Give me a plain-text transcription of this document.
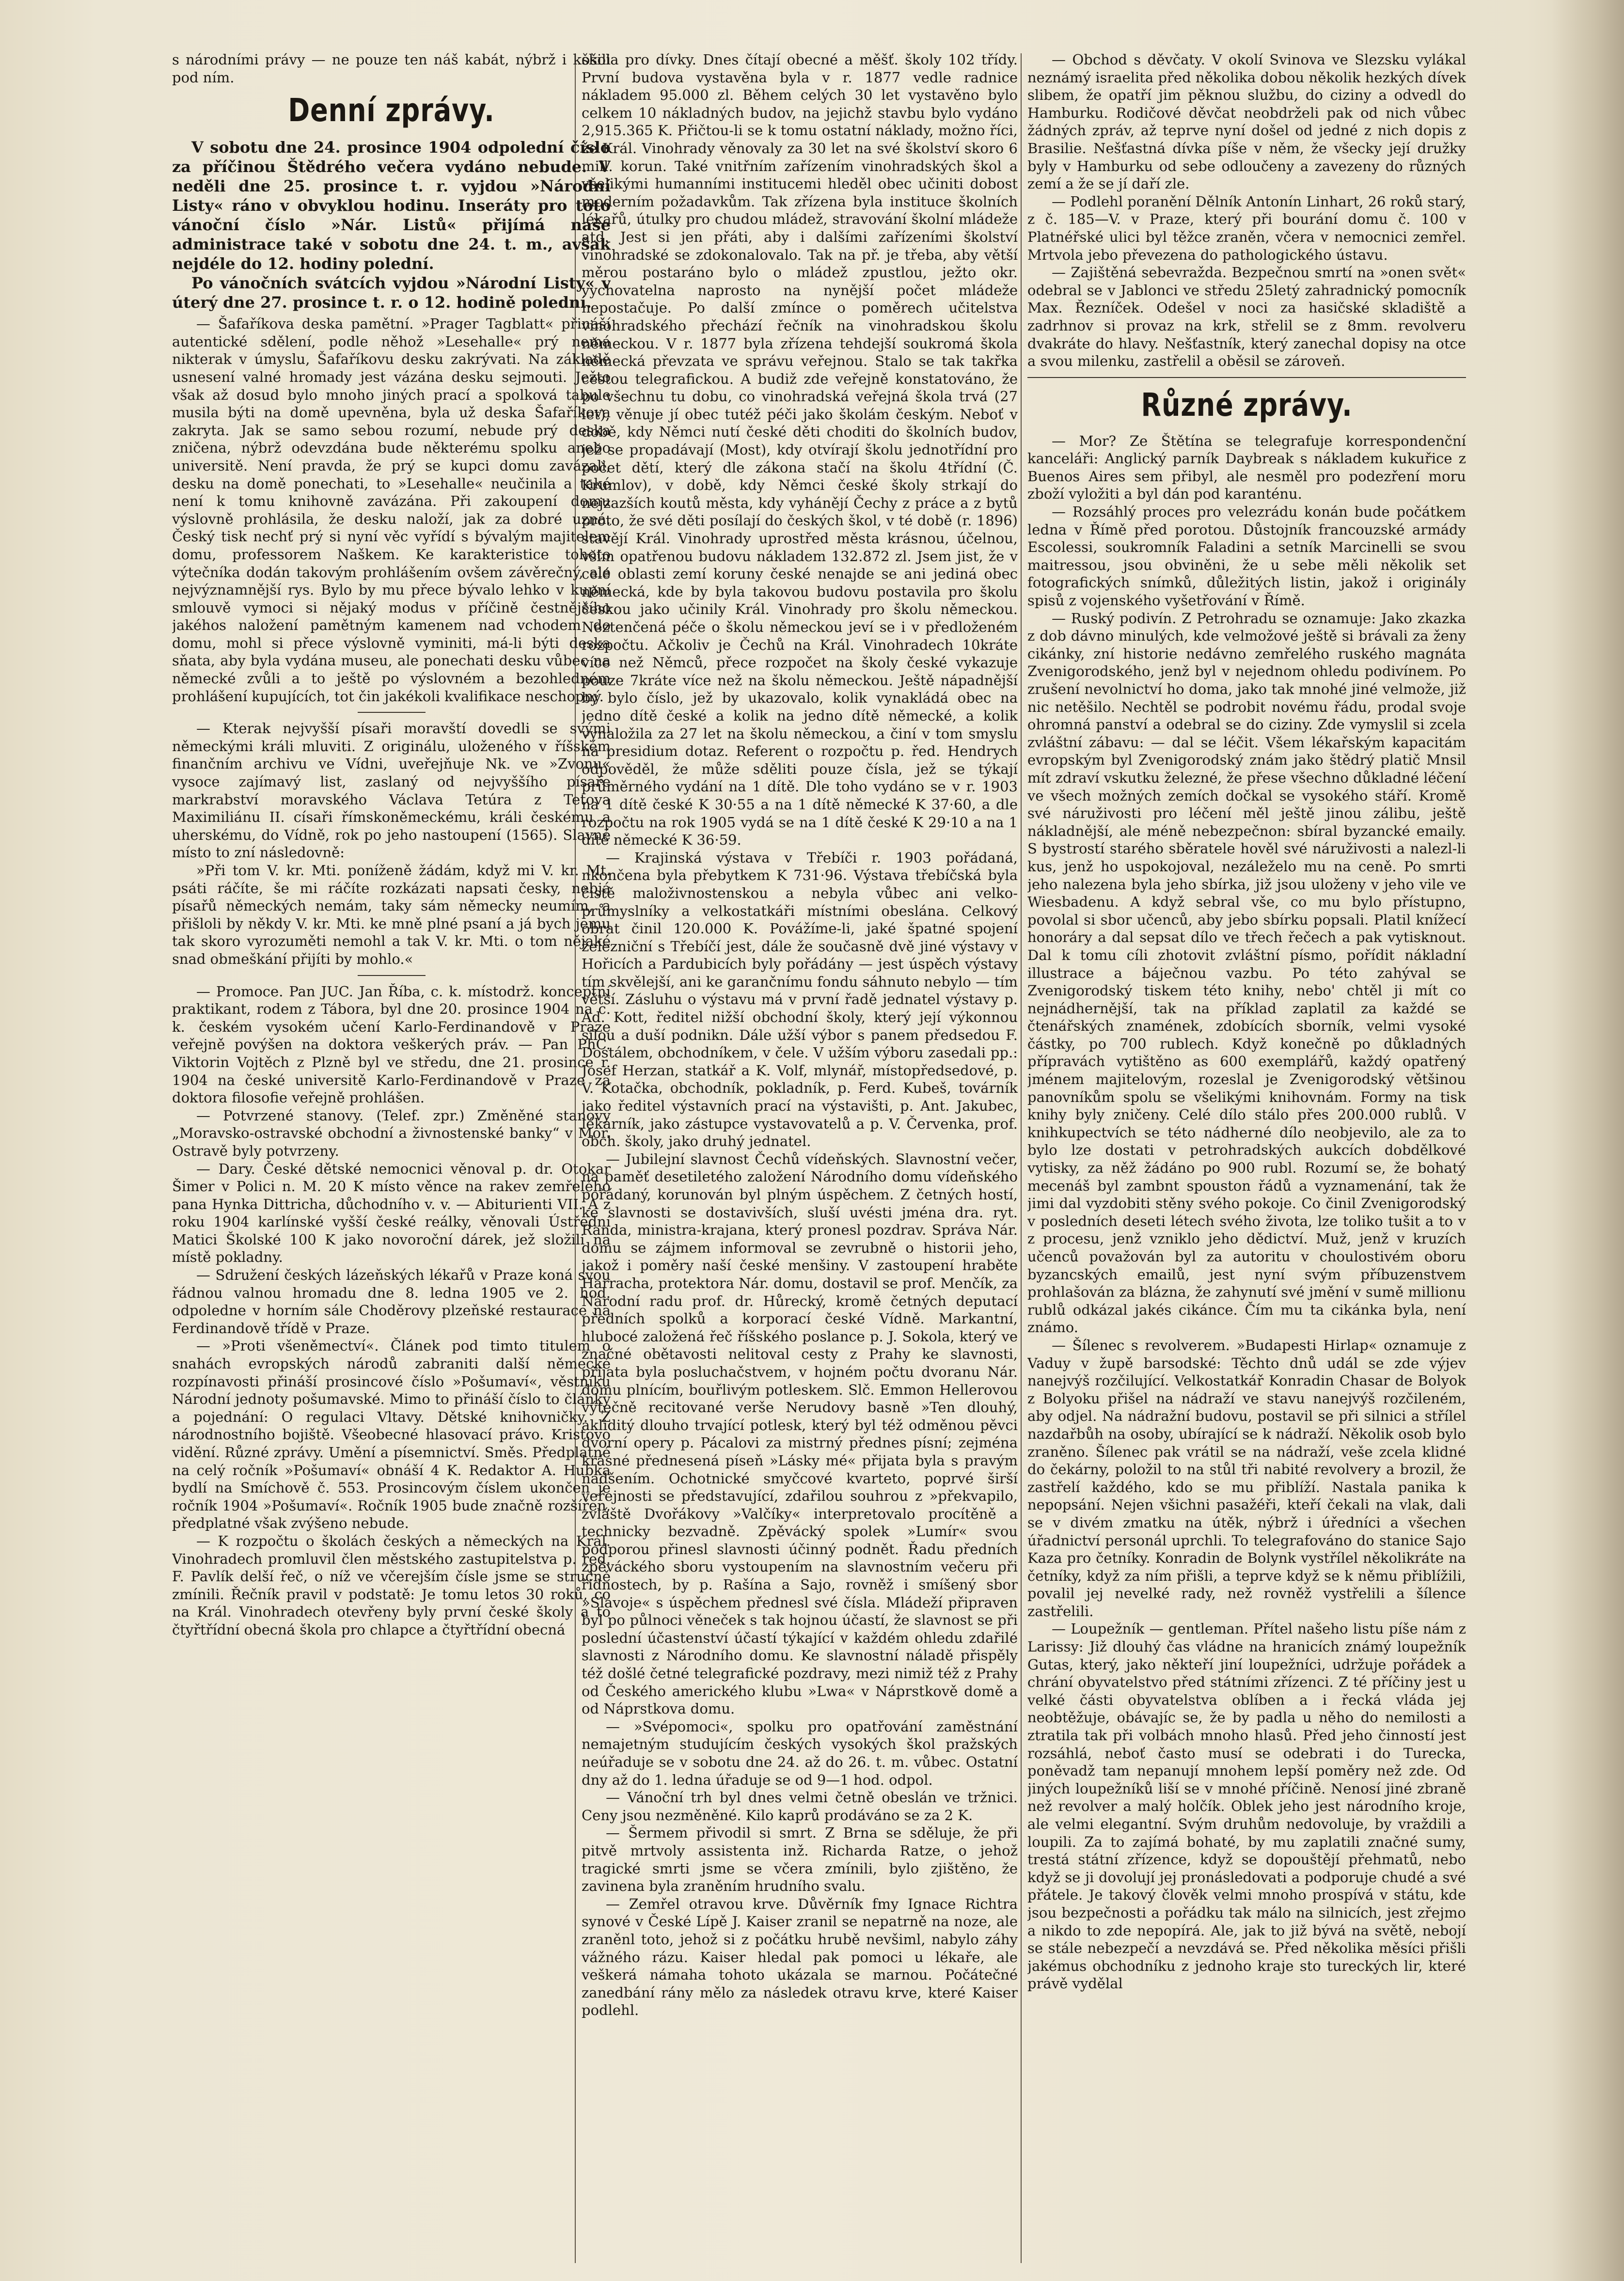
s národními právy — ne pouze ten náš kabát, nýbrž i košili pod ním.

Denní zprávy.

V sobotu dne 24. prosince 1904 odpolední číslo za příčinou Štědrého večera vydáno nebude. V neděli dne 25. prosince t. r. vyjdou »Národní Listy« ráno v obvyklou hodinu. Inseráty pro toto vánoční číslo »Nár. Listů« přijímá naše administrace také v sobotu dne 24. t. m., avšak nejdéle do 12. hodiny polední.

Po vánočních svátcích vyjdou »Národní Listy« v úterý dne 27. prosince t. r. o 12. hodině polední.

— Šafaříkova deska pamětní. »Prager Tagblatt« přináší autentické sdělení, podle něhož »Lesehalle« prý nemá nikterak v úmyslu, Šafaříkovu desku zakrývati. Na základě usnesení valné hromady jest vázána desku sejmouti. Ježto však až dosud bylo mnoho jiných prací a spolková tabule musila býti na domě upevněna, byla už deska Šafaříkova zakryta. Jak se samo sebou rozumí, nebude prý deska zničena, nýbrž odevzdána bude některému spolku anebo universitě. Není pravda, že prý se kupci domu zavázali, desku na domě ponechati, to »Lesehalle« neučinila a také není k tomu knihovně zavázána. Při zakoupení domu výslovně prohlásila, že desku naloží, jak za dobré uzná. Český tisk nechť prý si nyní věc vyřídí s bývalým majitelem domu, professorem Naškem. Ke karakteristice tohoto výtečníka dodán takovým prohlášením ovšem závěrečný, ale nejvýznamnější rys. Bylo by mu přece bývalo lehko v kupní smlouvě vymoci si nějaký modus v příčině čestnějšího jakéhos naložení pamětným kamenem nad vchodem do domu, mohl si přece výslovně vyminiti, má-li býti deska sňata, aby byla vydána museu, ale ponechati desku vůbec na německé zvůli a to ještě po výslovném a bezohledném prohlášení kupujících, tot čin jakékoli kvalifikace neschopný.

— Kterak nejvyšší písaři moravští dovedli se svými německými králi mluviti. Z originálu, uloženého v říšském finančním archivu ve Vídni, uveřejňuje Nk. ve »Zvonu« vysoce zajímavý list, zaslaný od nejvyššího písaře markrabství moravského Václava Tetúra z Tetova Maximiliánu II. císaři římskoněmeckému, králi českému a uherskému, do Vídně, rok po jeho nastoupení (1565). Slavné místo to zní následovně:

»Při tom V. kr. Mti. poníženě žádám, když mi V. kr. Mt. psáti ráčíte, še mi ráčíte rozkázati napsati česky, nebjá písařů německých nemám, taky sám německy neumím, a přišloli by někdy V. kr. Mti. ke mně plné psaní a já bych jemu tak skoro vyrozuměti nemohl a tak V. kr. Mti. o tom nějaké snad obmeškání přijíti by mohlo.«

— Promoce. Pan JUC. Jan Říba, c. k. místodrž. konceptní praktikant, rodem z Tábora, byl dne 20. prosince 1904 na c. k. českém vysokém učení Karlo-Ferdinandově v Praze veřejně povýšen na doktora veškerých práv. — Pan PhC. Viktorin Vojtěch z Plzně byl ve středu, dne 21. prosince r. 1904 na české universitě Karlo-Ferdinandově v Praze za doktora filosofie veřejně prohlášen.

— Potvrzené stanovy. (Telef. zpr.) Změněné stanovy „Moravsko-ostravské obchodní a živnostenské banky“ v Mor. Ostravě byly potvrzeny.

— Dary. České dětské nemocnici věnoval p. dr. Otokar Šimer v Polici n. M. 20 K místo věnce na rakev zemřelého pana Hynka Dittricha, důchodního v. v. — Abiturienti VII. A z roku 1904 karlínské vyšší české reálky, věnovali Ústřední Matici Školské 100 K jako novoroční dárek, jež složili na místě pokladny.

— Sdružení českých lázeňských lékařů v Praze koná svou řádnou valnou hromadu dne 8. ledna 1905 ve 2. hod. odpoledne v horním sále Choděrovy plzeňské restaurace na Ferdinandově třídě v Praze.

— »Proti všeněmectví«. Článek pod timto titulem o snahách evropských národů zabraniti další německé rozpínavosti přináší prosincové číslo »Pošumaví«, věstníku Národní jednoty pošumavské. Mimo to přináší číslo to články a pojednání: O regulaci Vltavy. Dětské knihovničky. Z národnostního bojiště. Všeobecné hlasovací právo. Kristovo vidění. Různé zprávy. Umění a písemnictví. Směs. Předplatné na celý ročník »Pošumaví« obnáší 4 K. Redaktor A. Hubka bydlí na Smíchově č. 553. Prosincovým číslem ukončen je ročník 1904 »Pošumaví«. Ročník 1905 bude značně rozšířen, předplatné však zvýšeno nebude.

— K rozpočtu o školách českých a německých na Král. Vinohradech promluvil člen městského zastupitelstva p. řed. F. Pavlík delší řeč, o níž ve včerejším čísle jsme se stručně zmínili. Řečník pravil v podstatě: Je tomu letos 30 roků, co na Král. Vinohradech otevřeny byly první české školy a to čtyřtřídní obecná škola pro chlapce a čtyřtřídní obecná

škola pro dívky. Dnes čítají obecné a měšť. školy 102 třídy. První budova vystavěna byla v r. 1877 vedle radnice nákladem 95.000 zl. Během celých 30 let vystavěno bylo celkem 10 nákladných budov, na jejichž stavbu bylo vydáno 2,915.365 K. Přičtou-li se k tomu ostatní náklady, možno říci, že Král. Vinohrady věnovaly za 30 let na své školství skoro 6 mill. korun. Také vnitřním zařízením vinohradských škol a všelikými humanními institucemi hleděl obec učiniti dobost moderním požadavkům. Tak zřízena byla instituce školních lékařů, útulky pro chudou mládež, stravování školní mládeže atd. Jest si jen přáti, aby i dalšími zařízeními školství vinohradské se zdokonalovalo. Tak na př. je třeba, aby větší měrou postaráno bylo o mládež zpustlou, ježto okr. vychovatelna naprosto na nynější počet mládeže nepostačuje. Po další zmínce o poměrech učitelstva vinohradského přechází řečník na vinohradskou školu německou. V r. 1877 byla zřízena tehdejší soukromá škola německá převzata ve správu veřejnou. Stalo se tak takřka cestou telegrafickou. A budiž zde veřejně konstatováno, že po všechnu tu dobu, co vinohradská veřejná škola trvá (27 let), věnuje jí obec tutéž péči jako školám českým. Neboť v době, kdy Němci nutí české děti choditi do školních budov, jež se propadávají (Most), kdy otvírají školu jednotřídní pro počet dětí, který dle zákona stačí na školu 4třídní (Č. Krumlov), v době, kdy Němci české školy strkají do nejzazších koutů města, kdy vyhánějí Čechy z práce a z bytů proto, že své děti posílají do českých škol, v té době (r. 1896) stavějí Král. Vinohrady uprostřed města krásnou, účelnou, vším opatřenou budovu nákladem 132.872 zl. Jsem jist, že v celé oblasti zemí koruny české nenajde se ani jediná obec německá, kde by byla takovou budovu postavila pro školu českou jako učinily Král. Vinohrady pro školu německou. Neztenčená péče o školu německou jeví se i v předloženém rozpočtu. Ačkoliv je Čechů na Král. Vinohradech 10kráte více než Němců, přece rozpočet na školy české vykazuje pouze 7kráte více než na školu německou. Ještě nápadnější by bylo číslo, jež by ukazovalo, kolik vynakládá obec na jedno dítě české a kolik na jedno dítě německé, a kolik vynaložila za 27 let na školu německou, a činí v tom smyslu na presidium dotaz. Referent o rozpočtu p. řed. Hendrych odpověděl, že může sděliti pouze čísla, jež se týkají průměrného vydání na 1 dítě. Dle toho vydáno se v r. 1903 na 1 dítě české K 30·55 a na 1 dítě německé K 37·60, a dle rozpočtu na rok 1905 vydá se na 1 dítě české K 29·10 a na 1 dítě německé K 36·59.

— Krajinská výstava v Třebíči r. 1903 pořádaná, nkončena byla přebytkem K 731·96. Výstava třebíčská byla čistě maloživnostenskou a nebyla vůbec ani velko-průmyslníky a velkostatkáři místními obeslána. Celkový obrat činil 120.000 K. Povážíme-li, jaké špatné spojení železniční s Třebíčí jest, dále že současně dvě jiné výstavy v Hořicích a Pardubicích byly pořádány — jest úspěch výstavy tím skvělejší, ani ke garančnímu fondu sáhnuto nebylo — tím větší. Zásluhu o výstavu má v první řadě jednatel výstavy p. Ad. Kott, ředitel nižší obchodní školy, který její výkonnou silou a duší podnikn. Dále užší výbor s panem předsedou F. Dostálem, obchodníkem, v čele. V užším výboru zasedali pp.: Josef Herzan, statkář a K. Volf, mlynář, místopředsedové, p. V. Kotačka, obchodník, pokladník, p. Ferd. Kubeš, továrník jako ředitel výstavních prací na výstavišti, p. Ant. Jakubec, lékárník, jako zástupce vystavovatelů a p. V. Červenka, prof. obch. školy, jako druhý jednatel.

— Jubilejní slavnost Čechů vídeňských. Slavnostní večer, na paměť desetiletého založení Národního domu vídeňského pořádaný, korunován byl plným úspěchem. Z četných hostí, ke slavnosti se dostavivších, sluší uvésti jména dra. ryt. Randa, ministra-krajana, který pronesl pozdrav. Správa Nár. domu se zájmem informoval se zevrubně o historii jeho, jakož i poměry naší české menšiny. V zastoupení hraběte Harracha, protektora Nár. domu, dostavil se prof. Menčík, za Národní radu prof. dr. Hůrecký, kromě četných deputací předních spolků a korporací české Vídně. Markantní, hlubocé založená řeč říšského poslance p. J. Sokola, který ve značné obětavosti nelitoval cesty z Prahy ke slavnosti, přijata byla posluchačstvem, v hojném počtu dvoranu Nár. domu plnícím, bouřlivým potleskem. Slč. Emmon Hellerovou výtečně recitované verše Nerudovy basně »Ten dlouhý, akliditý dlouho trvající potlesk, který byl též odměnou pěvci dvorní opery p. Pácalovi za mistrný přednes písní; zejména krásné přednesená píseň »Lásky mé« přijata byla s pravým nadšením. Ochotnické smyčcové kvarteto, poprvé širší veřejnosti se představující, zdařilou souhrou z »překvapilo, zvláště Dvořákovy »Valčíky« interpretovalo procítěně a technicky bezvadně. Zpěvácký spolek »Lumír« svou podporou přinesl slavnosti účinný podnět. Řadu předních zpěváckého sboru vystoupením na slavnostním večeru při řidnostech, by p. Rašína a Sajo, rovněž i smíšený sbor »Slavoje« s úspěchem přednesl své čísla. Mládeží připraven byl po půlnoci věneček s tak hojnou účastí, že slavnost se při poslední účastenství účastí týkající v každém ohledu zdařilé slavnosti z Národního domu. Ke slavnostní náladě přispěly též došlé četné telegrafické pozdravy, mezi nimiž též z Prahy od Českého amerického klubu »Lwa« v Náprstkově domě a od Náprstkova domu.

— »Svépomoci«, spolku pro opatřování zaměstnání nemajetným studujícím českých vysokých škol pražských neúřaduje se v sobotu dne 24. až do 26. t. m. vůbec. Ostatní dny až do 1. ledna úřaduje se od 9—1 hod. odpol.

— Vánoční trh byl dnes velmi četně obeslán ve tržnici. Ceny jsou nezměněné. Kilo kaprů prodáváno se za 2 K.

— Šermem přivodil si smrt. Z Brna se sděluje, že při pitvě mrtvoly assistenta inž. Richarda Ratze, o jehož tragické smrti jsme se včera zmínili, bylo zjištěno, že zavinena byla zraněním hrudního svalu.

— Zemřel otravou krve. Důvěrník fmy Ignace Richtra synové v České Lípě J. Kaiser zranil se nepatrně na noze, ale zraněnl toto, jehož si z počátku hrubě nevšiml, nabylo záhy vážného rázu. Kaiser hledal pak pomoci u lékaře, ale veškerá námaha tohoto ukázala se marnou. Počátečné zanedbání rány mělo za následek otravu krve, které Kaiser podlehl.

— Obchod s děvčaty. V okolí Svinova ve Slezsku vylákal neznámý israelita před několika dobou několik hezkých dívek slibem, že opatří jim pěknou službu, do ciziny a odvedl do Hamburku. Rodičové děvčat neobdrželi pak od nich vůbec žádných zpráv, až teprve nyní došel od jedné z nich dopis z Brasilie. Nešťastná dívka píše v něm, že všecky její družky byly v Hamburku od sebe odloučeny a zavezeny do různých zemí a že se jí daří zle.

— Podlehl poranění Dělník Antonín Linhart, 26 roků starý, z č. 185—V. v Praze, který při bourání domu č. 100 v Platnéřské ulici byl těžce zraněn, včera v nemocnici zemřel. Mrtvola jebo převezena do pathologického ústavu.

— Zajištěná sebevražda. Bezpečnou smrtí na »onen svět« odebral se v Jablonci ve středu 25letý zahradnický pomocník Max. Řezníček. Odešel v noci za hasičské skladiště a zadrhnov si provaz na krk, střelil se z 8mm. revolveru dvakráte do hlavy. Nešťastník, který zanechal dopisy na otce a svou milenku, zastřelil a oběsil se zároveň.

Různé zprávy.

— Mor? Ze Štětína se telegrafuje korrespondenční kanceláři: Anglický parník Daybreak s nákladem kukuřice z Buenos Aires sem přibyl, ale nesměl pro podezření moru zboží vyložiti a byl dán pod karanténu.

— Rozsáhlý proces pro velezrádu konán bude počátkem ledna v Římě před porotou. Důstojník francouzské armády Escolessi, soukromník Faladini a setník Marcinelli se svou maitressou, jsou obviněni, že u sebe měli několik set fotografických snímků, důležitých listin, jakož i originály spisů z vojenského vyšetřování v Římě.

— Ruský podivín. Z Petrohradu se oznamuje: Jako zkazka z dob dávno minulých, kde velmožové ještě si brávali za ženy cikánky, zní historie nedávno zemřelého ruského magnáta Zvenigorodského, jenž byl v nejednom ohledu podivínem. Po zrušení nevolnictví ho doma, jako tak mnohé jiné velmože, již nic netěšilo. Nechtěl se podrobit novému řádu, prodal svoje ohromná panství a odebral se do ciziny. Zde vymyslil si zcela zvláštní zábavu: — dal se léčit. Všem lékařským kapacitám evropským byl Zvenigorodský znám jako štědrý platič Mnsil mít zdraví vskutku železné, že přese všechno důkladné léčení ve všech možných zemích dočkal se vysokého stáří. Kromě své náruživosti pro léčení měl ještě jinou zálibu, ještě nákladnější, ale méně nebezpečnon: sbíral byzancké emaily. S bystrostí starého sběratele hověl své náruživosti a nalezl-li kus, jenž ho uspokojoval, nezáleželo mu na ceně. Po smrti jeho nalezena byla jeho sbírka, již jsou uloženy v jeho vile ve Wiesbadenu. A když sebral vše, co mu bylo přístupno, povolal si sbor učenců, aby jebo sbírku popsali. Platil knížecí honoráry a dal sepsat dílo ve třech řečech a pak vytisknout. Dal k tomu cíli zhotovit zvláštní písmo, pořídit nákladní illustrace a báječnou vazbu. Po této zahýval se Zvenigorodský tiskem této knihy, nebo' chtěl ji mít co nejnádhernější, tak na příklad zaplatil za každé se čtenářských znamének, zdobících sborník, velmi vysoké částky, po 700 rublech. Když konečně po důkladných přípravách vytištěno as 600 exemplářů, každý opatřený jménem majitelovým, rozeslal je Zvenigorodský většinou panovníkům spolu se všelikými knihovnám. Formy na tisk knihy byly zničeny. Celé dílo stálo přes 200.000 rublů. V knihkupectvích se této nádherné dílo neobjevilo, ale za to bylo lze dostati v petrohradských aukcích dobdělkové vytisky, za něž žádáno po 900 rubl. Rozumí se, že bohatý mecenáš byl zambnt spouston řádů a vyznamenání, tak že jimi dal vyzdobiti stěny svého pokoje. Co činil Zvenigorodský v posledních deseti létech svého života, lze toliko tušit a to v z procesu, jenž vzniklo jeho dědictví. Muž, jenž v kruzích učenců považován byl za autoritu v choulostivém oboru byzancských emailů, jest nyní svým příbuzenstvem prohlašován za blázna, že zahynutí své jmění v sumě millionu rublů odkázal jakés cikánce. Čím mu ta cikánka byla, není známo.

— Šílenec s revolverem. »Budapesti Hirlap« oznamuje z Vaduy v župě barsodské: Těchto dnů udál se zde výjev nanejvýš rozčilující. Velkostatkář Konradin Chasar de Bolyok z Bolyoku přišel na nádraží ve stavu nanejvýš rozčileném, aby odjel. Na nádražní budovu, postavil se při silnici a střílel nazdařbůh na osoby, ubírající se k nádraží. Několik osob bylo zraněno. Šílenec pak vrátil se na nádraží, veše zcela klidné do čekárny, položil to na stůl tři nabité revolvery a brozil, že zastřelí každého, kdo se mu přiblíží. Nastala panika k nepopsání. Nejen všichni pasažéři, kteří čekali na vlak, dali se v divém zmatku na útěk, nýbrž i úředníci a všechen úřadnictví personál uprchli. To telegrafováno do stanice Sajo Kaza pro četníky. Konradin de Bolynk vystřílel několikráte na četníky, když za ním přišli, a teprve když se k němu přiblížili, povalil jej nevelké rady, než rovněž vystřelili a šílence zastřelili.

— Loupežník — gentleman. Přítel našeho listu píše nám z Larissy: Již dlouhý čas vládne na hranicích známý loupežník Gutas, který, jako někteří jiní loupežníci, udržuje pořádek a chrání obyvatelstvo před státními zřízenci. Z té příčiny jest u velké části obyvatelstva oblíben a i řecká vláda jej neobtěžuje, obávajíc se, že by padla u něho do nemilosti a ztratila tak při volbách mnoho hlasů. Před jeho činností jest rozsáhlá, neboť často musí se odebrati i do Turecka, poněvadž tam nepanují mnohem lepší poměry než zde. Od jiných loupežníků liší se v mnohé příčině. Nenosí jiné zbraně než revolver a malý holčík. Oblek jeho jest národního kroje, ale velmi elegantní. Svým druhům nedovoluje, by vraždili a loupili. Za to zajímá bohaté, by mu zaplatili značné sumy, trestá státní zřízence, když se dopouštějí přehmatů, nebo když se ji dovolují jej pronásledovati a podporuje chudé a své přátele. Je takový člověk velmi mnoho prospívá v státu, kde jsou bezpečnosti a pořádku tak málo na silnicích, jest zřejmo a nikdo to zde nepopírá. Ale, jak to již bývá na světě, nebojí se stále nebezpečí a nevzdává se. Před několika měsíci přišli jakémus obchodníku z jednoho kraje sto tureckých lir, které právě vydělal
